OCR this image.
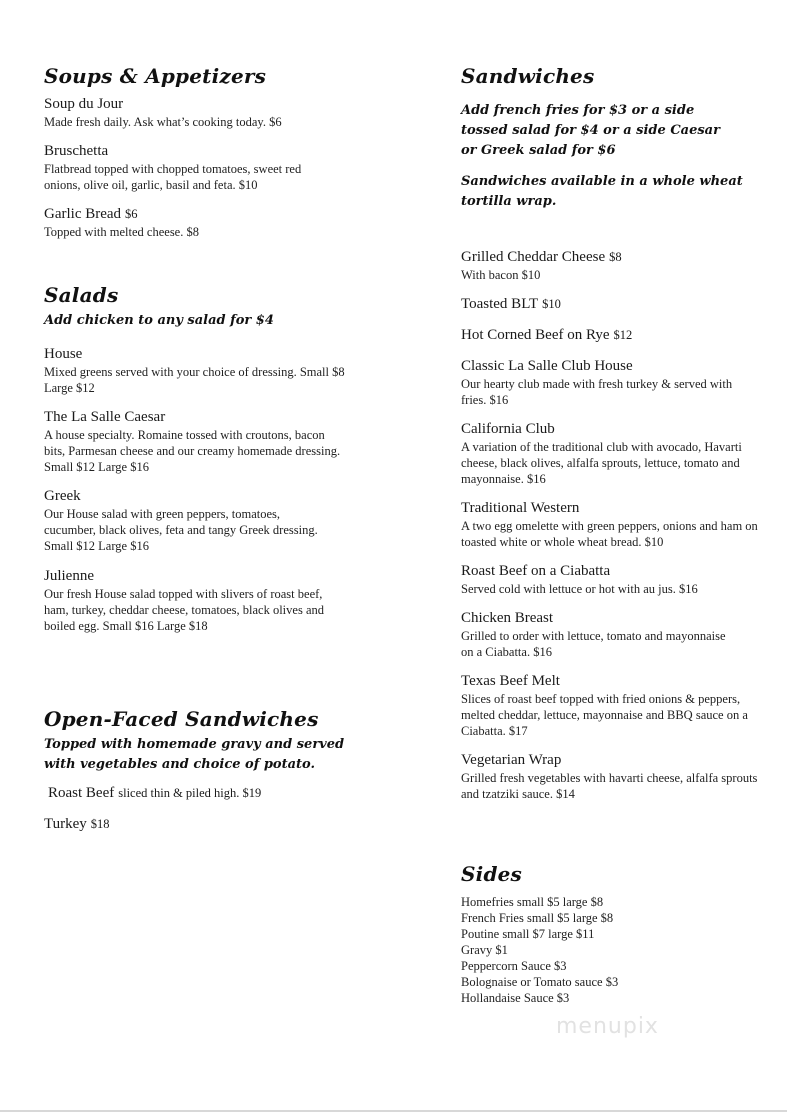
Soups & Appetizers
Soup du Jour
Made fresh daily. Ask what’s cooking today. $6
Bruschetta
Flatbread topped with chopped tomatoes, sweet red onions, olive oil, garlic, basil and feta. $10
Garlic Bread $6
Topped with melted cheese. $8
Salads

Add chicken to any salad for $4

House
Mixed greens served with your choice of dressing. Small $8 Large $12
The La Salle Caesar
A house specialty. Romaine tossed with croutons, bacon bits, Parmesan cheese and our creamy homemade dressing. Small $12 Large $16
Greek
Our House salad with green peppers, tomatoes, cucumber, black olives, feta and tangy Greek dressing. Small $12 Large $16
Julienne
Our fresh House salad topped with slivers of roast beef, ham, turkey, cheddar cheese, tomatoes, black olives and boiled egg. Small $16 Large $18
Open-Faced Sandwiches

Topped with homemade gravy and served with vegetables and choice of potato.

Roast Beef sliced thin & piled high. $19
Turkey $18
Sandwiches

Add french fries for $3 or a side tossed salad for $4 or a side Caesar or Greek salad for $6

Sandwiches available in a whole wheat tortilla wrap.

Grilled Cheddar Cheese $8
With bacon $10
Toasted BLT $10
Hot Corned Beef on Rye $12
Classic La Salle Club House
Our hearty club made with fresh turkey & served with fries. $16
California Club
A variation of the traditional club with avocado, Havarti cheese, black olives, alfalfa sprouts, lettuce, tomato and mayonnaise. $16
Traditional Western
A two egg omelette with green peppers, onions and ham on toasted white or whole wheat bread. $10
Roast Beef on a Ciabatta
Served cold with lettuce or hot with au jus. $16
Chicken Breast
Grilled to order with lettuce, tomato and mayonnaise on a Ciabatta. $16
Texas Beef Melt
Slices of roast beef topped with fried onions & peppers, melted cheddar, lettuce, mayonnaise and BBQ sauce on a Ciabatta. $17
Vegetarian Wrap
Grilled fresh vegetables with havarti cheese, alfalfa sprouts and tzatziki sauce. $14
Sides
Homefries small $5 large $8
French Fries small $5 large $8
Poutine small $7 large $11
Gravy $1
Peppercorn Sauce $3
Bolognaise or Tomato sauce $3
Hollandaise Sauce $3
menupix
